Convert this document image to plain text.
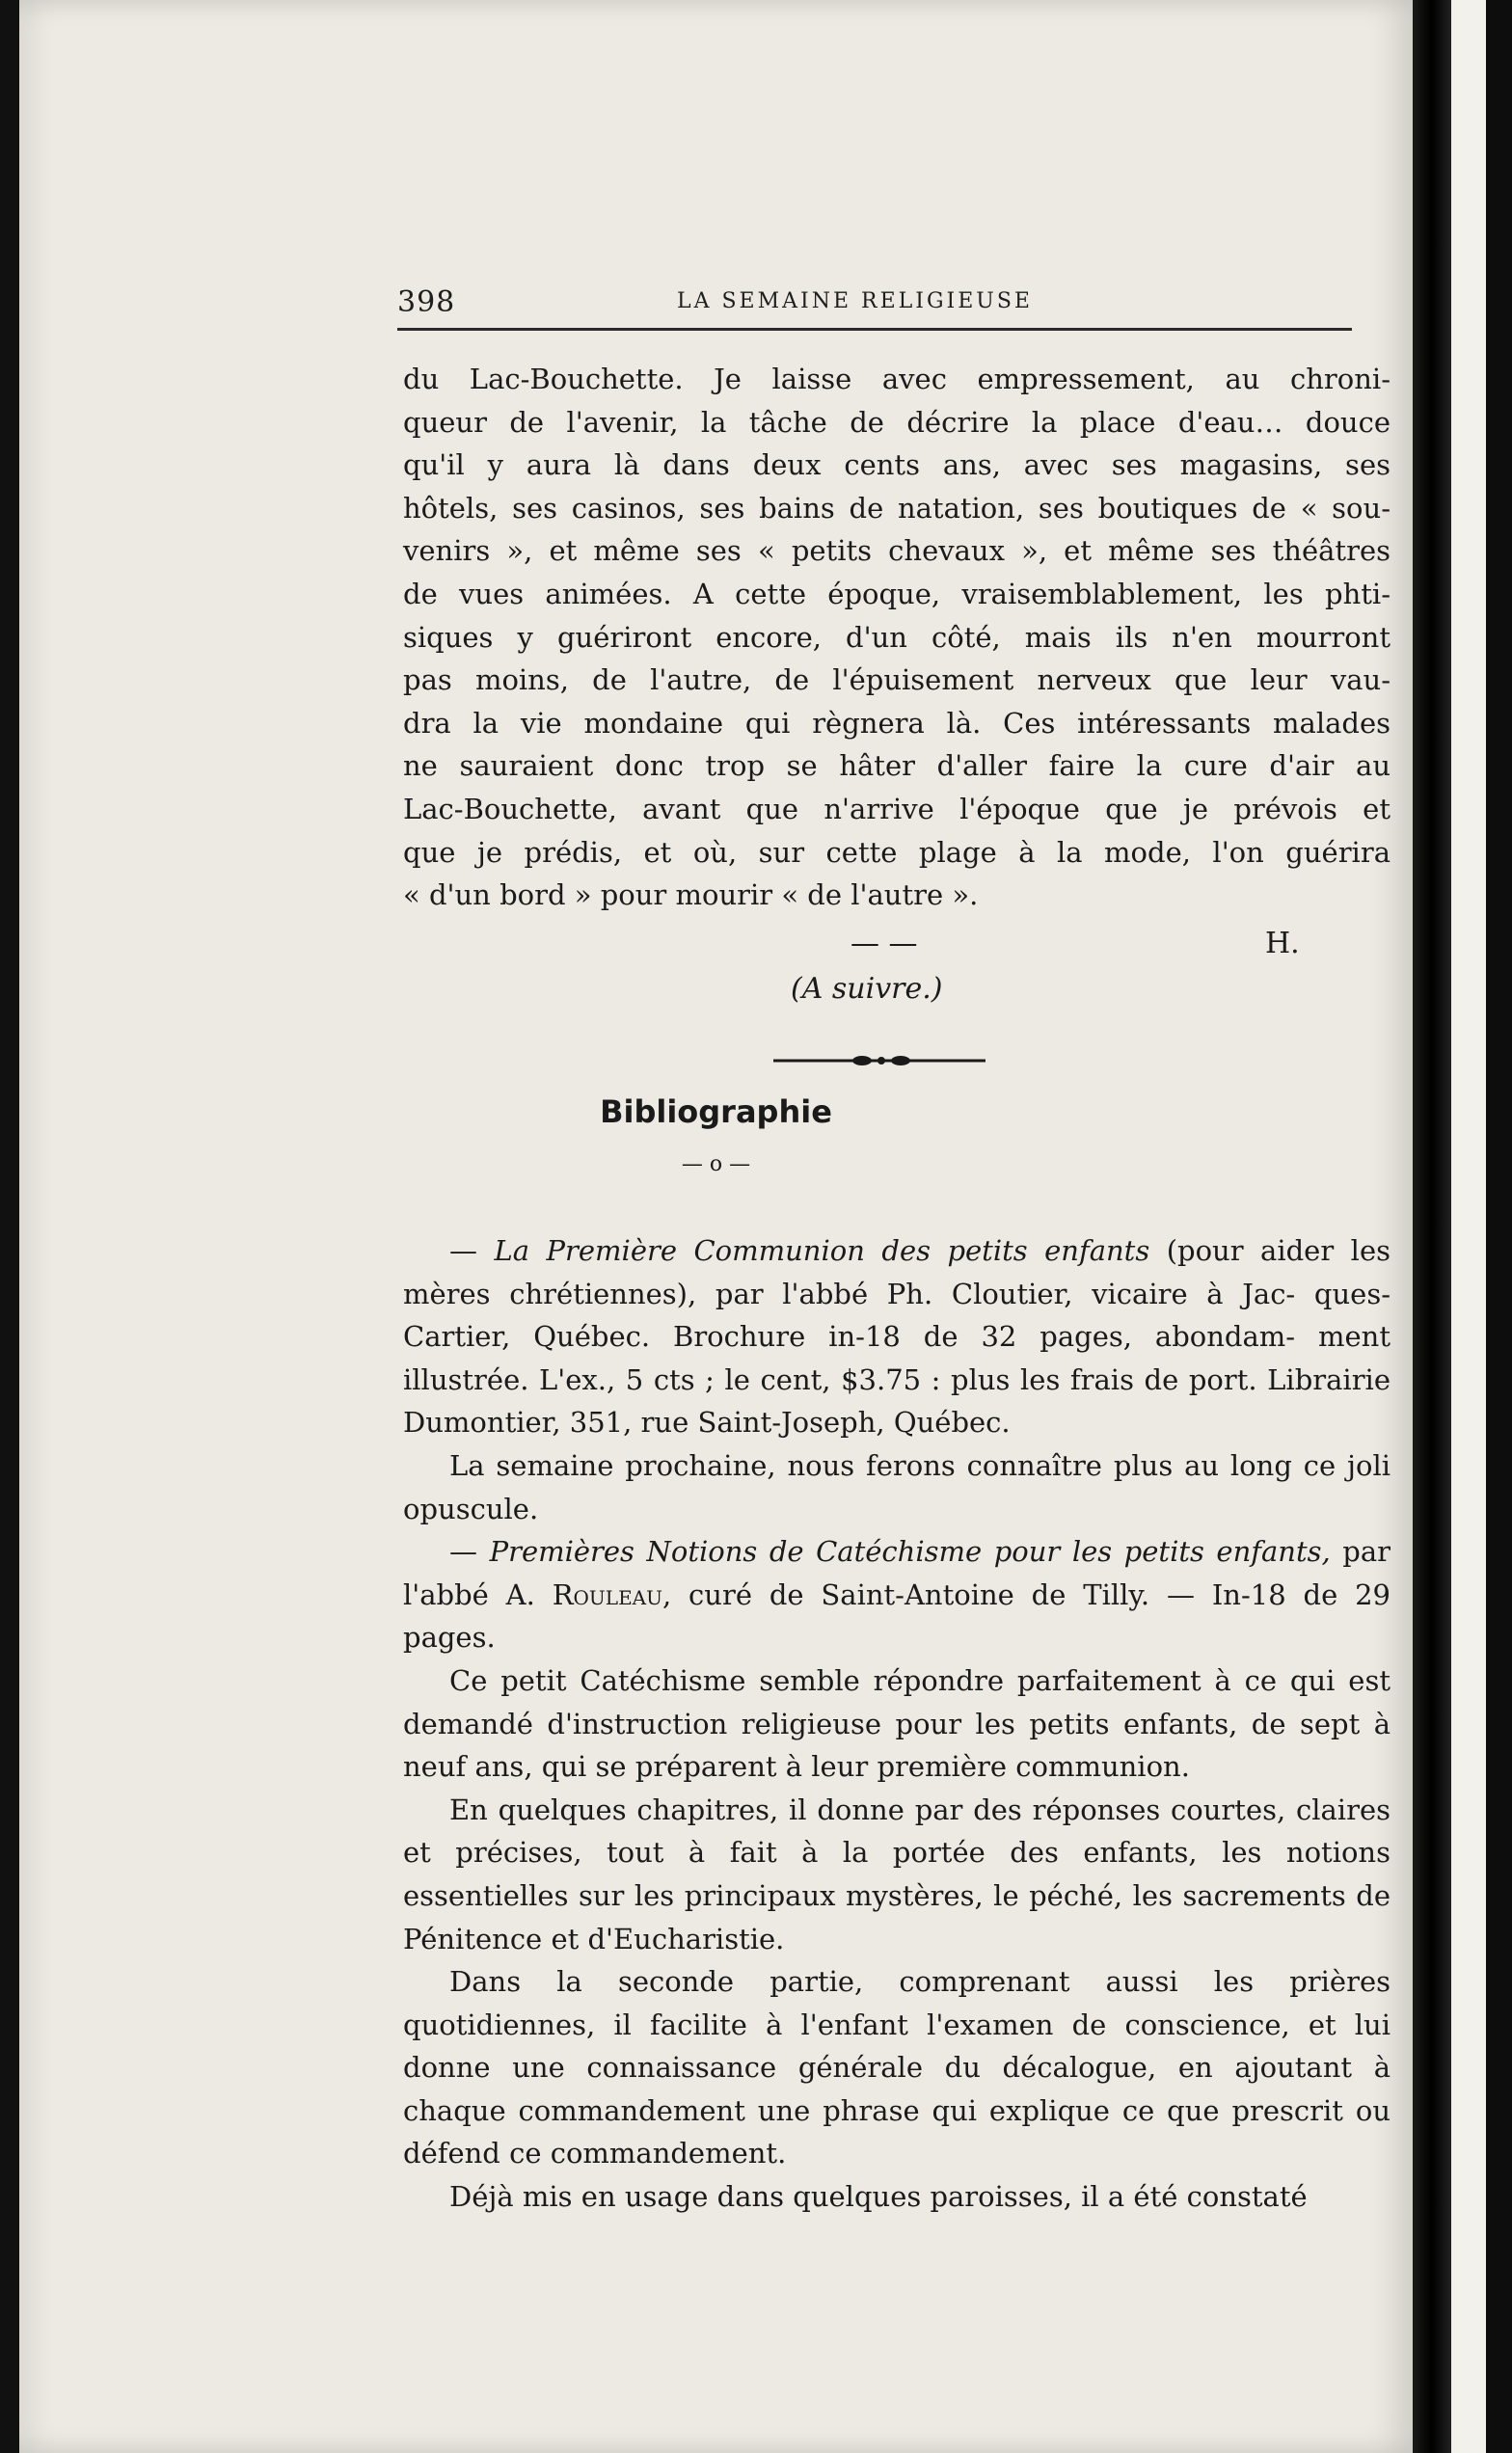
398	LA SEMAINE RELIGIEUSE
du Lac-Bouchette. Je laisse avec empressement, au chroni-
queur de l'avenir, la tâche de décrire la place d'eau… douce
qu'il y aura là dans deux cents ans, avec ses magasins, ses
hôtels, ses casinos, ses bains de natation, ses boutiques de « sou-
venirs », et même ses « petits chevaux », et même ses théâtres
de vues animées. A cette époque, vraisemblablement, les phti-
siques y guériront encore, d'un côté, mais ils n'en mourront
pas moins, de l'autre, de l'épuisement nerveux que leur vau-
dra la vie mondaine qui règnera là. Ces intéressants malades
ne sauraient donc trop se hâter d'aller faire la cure d'air au
Lac-Bouchette, avant que n'arrive l'époque que je prévois et
que je prédis, et où, sur cette plage à la mode, l'on guérira
« d'un bord » pour mourir « de l'autre ».
— —	H.
(A suivre.)
Bibliographie
— o —

— La Première Communion des petits enfants (pour aider les mères chrétiennes), par l'abbé Ph. Cloutier, vicaire à Jac- ques-Cartier, Québec. Brochure in-18 de 32 pages, abondam- ment illustrée. L'ex., 5 cts ; le cent, $3.75 : plus les frais de port. Librairie Dumontier, 351, rue Saint-Joseph, Québec.

La semaine prochaine, nous ferons connaître plus au long ce joli opuscule.

— Premières Notions de Catéchisme pour les petits enfants, par l'abbé A. Rouleau, curé de Saint-Antoine de Tilly. — In-18 de 29 pages.

Ce petit Catéchisme semble répondre parfaitement à ce qui est demandé d'instruction religieuse pour les petits enfants, de sept à neuf ans, qui se préparent à leur première communion.

En quelques chapitres, il donne par des réponses courtes, claires et précises, tout à fait à la portée des enfants, les notions essentielles sur les principaux mystères, le péché, les sacrements de Pénitence et d'Eucharistie.

Dans la seconde partie, comprenant aussi les prières quotidiennes, il facilite à l'enfant l'examen de conscience, et lui donne une connaissance générale du décalogue, en ajoutant à chaque commandement une phrase qui explique ce que prescrit ou défend ce commandement.

Déjà mis en usage dans quelques paroisses, il a été constaté
